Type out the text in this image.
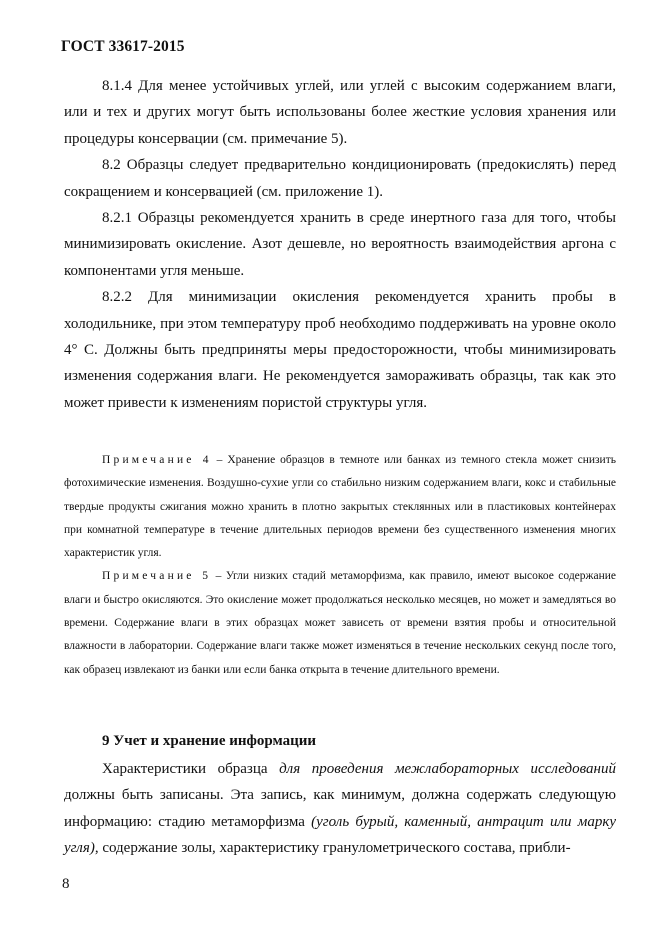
ГОСТ 33617-2015

8.1.4 Для менее устойчивых углей, или углей с высоким содержанием влаги, или и тех и других могут быть использованы более жесткие условия хранения или процедуры консервации (см. примечание 5).

8.2 Образцы следует предварительно кондиционировать (предокислять) перед сокращением и консервацией (см. приложение 1).

8.2.1 Образцы рекомендуется хранить в среде инертного газа для того, чтобы минимизировать окисление. Азот дешевле, но вероятность взаимодействия аргона с компонентами угля меньше.

8.2.2 Для минимизации окисления рекомендуется хранить пробы в холодильнике, при этом температуру проб необходимо поддерживать на уровне около 4° С. Должны быть предприняты меры предосторожности, чтобы минимизировать изменения содержания влаги. Не рекомендуется замораживать образцы, так как это может привести к изменениям пористой структуры угля.

Примечание 4 – Хранение образцов в темноте или банках из темного стекла может снизить фотохимические изменения. Воздушно-сухие угли со стабильно низким содержанием влаги, кокс и стабильные твердые продукты сжигания можно хранить в плотно закрытых стеклянных или в пластиковых контейнерах при комнатной температуре в течение длительных периодов времени без существенного изменения многих характеристик угля.

Примечание 5 – Угли низких стадий метаморфизма, как правило, имеют высокое содержание влаги и быстро окисляются. Это окисление может продолжаться несколько месяцев, но может и замедляться во времени. Содержание влаги в этих образцах может зависеть от времени взятия пробы и относительной влажности в лаборатории. Содержание влаги также может изменяться в течение нескольких секунд после того, как образец извлекают из банки или если банка открыта в течение длительного времени.

9 Учет и хранение информации

Характеристики образца для проведения межлабораторных исследований должны быть записаны. Эта запись, как минимум, должна содержать следующую информацию: стадию метаморфизма (уголь бурый, каменный, антрацит или марку угля), содержание золы, характеристику гранулометрического состава, прибли-

8
